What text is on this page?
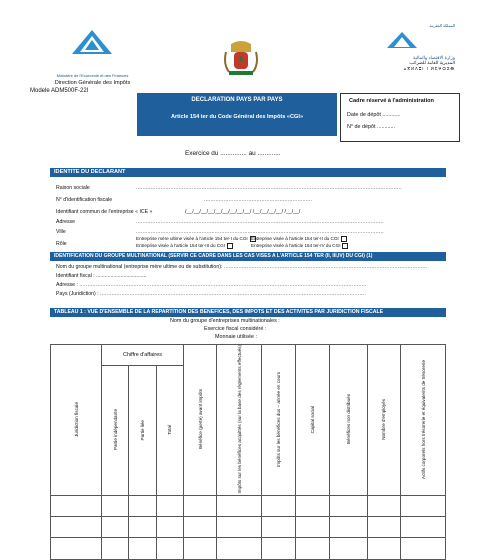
Ministère de l'Economie et des Finances
Direction Générale des Impôts
المملكة المغربية
وزارة الاقتصاد والمالية
المديرية العامة للضرائب
ⴰⴳⵍⴷⵓⵏ ⵏ ⵍⵎⵖⵔⵉⴱ
Modele ADM500F-22I
DECLARATION PAYS PAR PAYS
Article 154 ter du Code Général des Impôts «CGI»
Cadre réservé à l'administration
Date de dépôt ............
N° de dépôt ............
Exercice du ............... au .............
IDENTITE DU DECLARANT
Raison sociale	..................................................................................................................................................................
N° d'identification fiscale	..................................................................
Identifiant commun de l'entreprise « ICE »	/__/__/__/__/__/__/__/__/__/ /__/__/__/__/ /__/__/
Adresse	.......................................................................................................................................................
Ville	.......................................................................................................................................................
Rôle
Entreprise mère ultime visée à l'article 154 ter-I du CGI Entreprise visée à l'article 154 ter-II du CGI
Entreprise visée à l'article 154 ter-III du CGI	Entreprise visée à l'article 154 ter-IV du CGI
IDENTIFICATION DU GROUPE MULTINATIONAL (SERVIR CE CADRE DANS LES CAS VISES A L'ARTICLE 154 TER (II, III,IV) DU CGI) (1)
Nom du groupe multinational (entreprise mère ultime ou de substitution): ............................................................................................................................
Identifiant fiscal : ...................................
Adresse : ...............................................................................................................................................................................
Pays (Juridiction) : ..................................................................................................................................................................
TABLEAU 1 : VUE D'ENSEMBLE DE LA REPARTITION DES BENEFICES, DES IMPOTS ET DES ACTIVITES PAR JURIDICTION FISCALE
Nom du groupe d'entreprises multinationales :
Exercice fiscal considéré :
Monnaie utilisée :
Juridiction fiscale	Chiffre d'affaires			Bénéfice (perte) avant impôts	Impôts sur les bénéfices acquittés (sur la base des règlements effectués)	Impôts sur les bénéfices dus – année en cours	Capital social	Bénéfices non distribués	Nombre d'employés	Actifs corporels hors trésorerie et équivalents de trésorerie
	Partie indépendante	Partie liée	Total							
